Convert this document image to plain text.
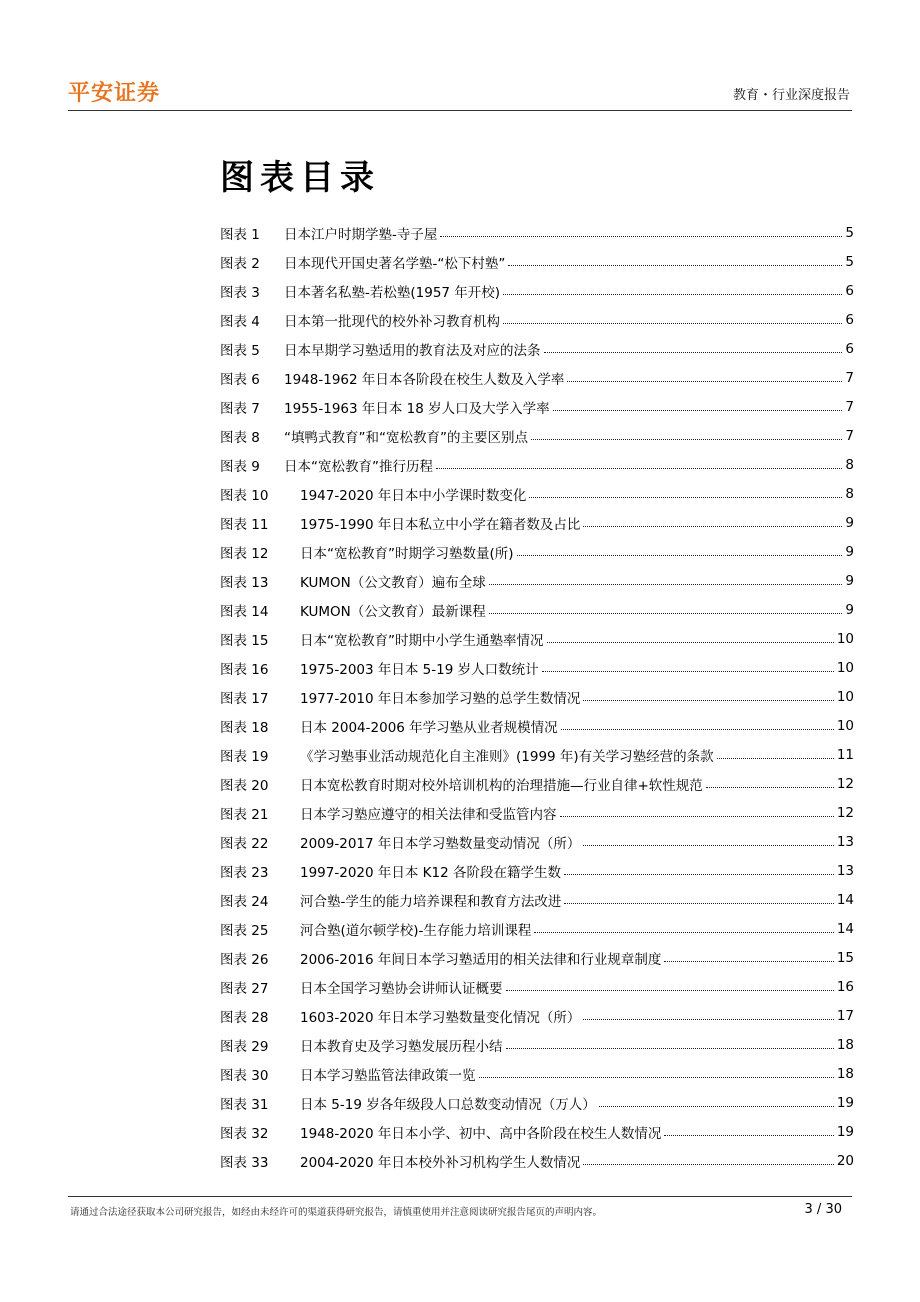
平安证券	教育・行业深度报告
图表目录
图表 1	日本江户时期学塾-寺子屋	5
图表 2	日本现代开国史著名学塾-“松下村塾”	5
图表 3	日本著名私塾-若松塾(1957 年开校)	6
图表 4	日本第一批现代的校外补习教育机构	6
图表 5	日本早期学习塾适用的教育法及对应的法条	6
图表 6	1948-1962 年日本各阶段在校生人数及入学率	7
图表 7	1955-1963 年日本 18 岁人口及大学入学率	7
图表 8	“填鸭式教育”和“宽松教育”的主要区别点	7
图表 9	日本“宽松教育”推行历程	8
图表 10	1947-2020 年日本中小学课时数变化	8
图表 11	1975-1990 年日本私立中小学在籍者数及占比	9
图表 12	日本“宽松教育”时期学习塾数量(所)	9
图表 13	KUMON（公文教育）遍布全球	9
图表 14	KUMON（公文教育）最新课程	9
图表 15	日本“宽松教育”时期中小学生通塾率情况	10
图表 16	1975-2003 年日本 5-19 岁人口数统计	10
图表 17	1977-2010 年日本参加学习塾的总学生数情况	10
图表 18	日本 2004-2006 年学习塾从业者规模情况	10
图表 19	《学习塾事业活动规范化自主准则》(1999 年)有关学习塾经营的条款	11
图表 20	日本宽松教育时期对校外培训机构的治理措施—行业自律+软性规范	12
图表 21	日本学习塾应遵守的相关法律和受监管内容	12
图表 22	2009-2017 年日本学习塾数量变动情况（所）	13
图表 23	1997-2020 年日本 K12 各阶段在籍学生数	13
图表 24	河合塾-学生的能力培养课程和教育方法改进	14
图表 25	河合塾(道尔顿学校)-生存能力培训课程	14
图表 26	2006-2016 年间日本学习塾适用的相关法律和行业规章制度	15
图表 27	日本全国学习塾协会讲师认证概要	16
图表 28	1603-2020 年日本学习塾数量变化情况（所）	17
图表 29	日本教育史及学习塾发展历程小结	18
图表 30	日本学习塾监管法律政策一览	18
图表 31	日本 5-19 岁各年级段人口总数变动情况（万人）	19
图表 32	1948-2020 年日本小学、初中、高中各阶段在校生人数情况	19
图表 33	2004-2020 年日本校外补习机构学生人数情况	20
请通过合法途径获取本公司研究报告，如经由未经许可的渠道获得研究报告，请慎重使用并注意阅读研究报告尾页的声明内容。	3 / 30
